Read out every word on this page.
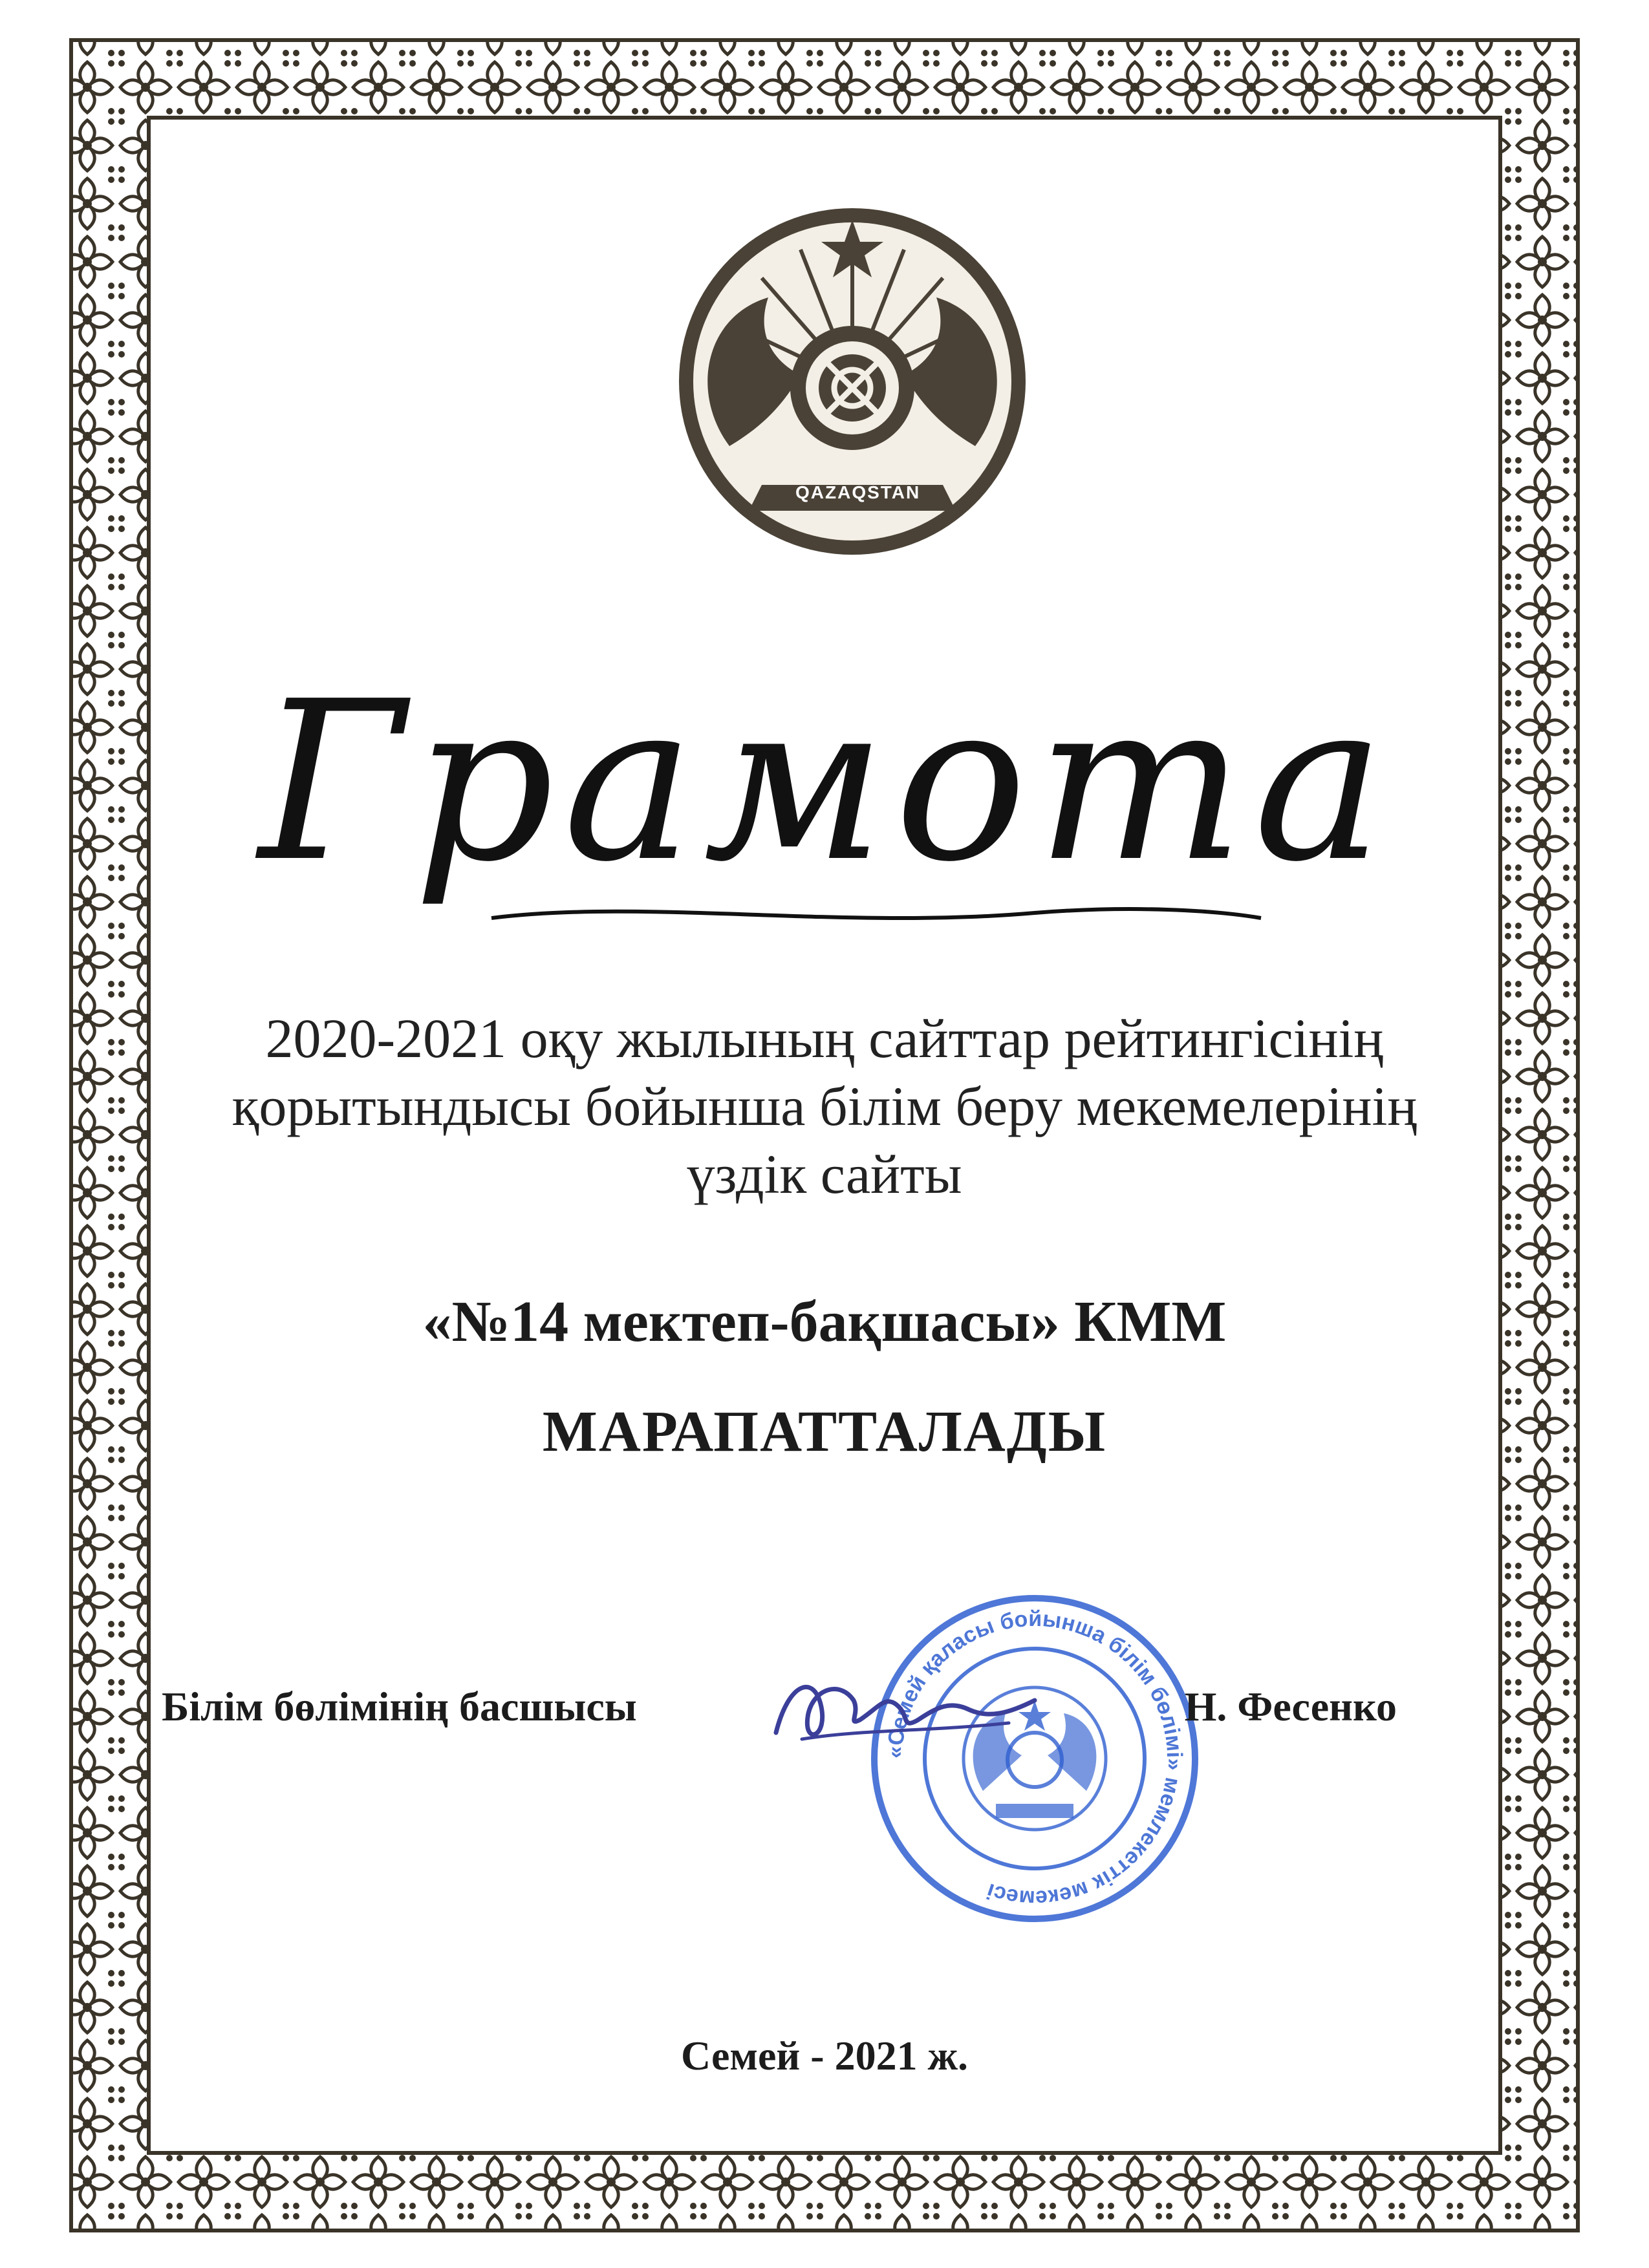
QAZAQSTAN
Грамота
2020-2021 оқу жылының сайттар рейтингісінің
қорытындысы бойынша білім беру мекемелерінің
үздік сайты
«№14 мектеп-бақшасы» КММ
МАРАПАТТАЛАДЫ
«Семей қаласы бойынша білім бөлімі» мемлекеттік мекемесі
Білім бөлімінің басшысы	Н. Фесенко
Семей - 2021 ж.
